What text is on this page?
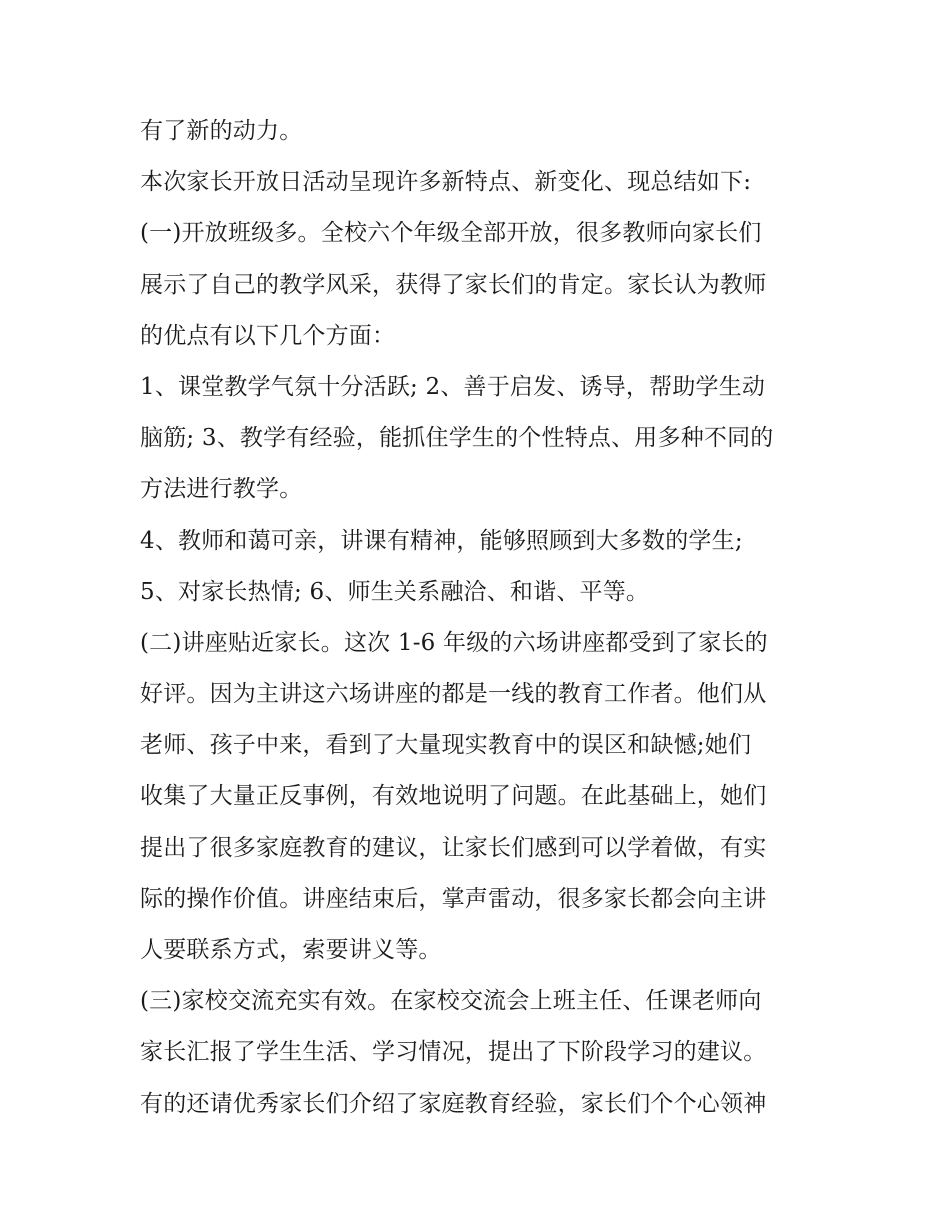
有了新的动力。
本次家长开放日活动呈现许多新特点、新变化、现总结如下:
(一)开放班级多。全校六个年级全部开放，很多教师向家长们
展示了自己的教学风采，获得了家长们的肯定。家长认为教师
的优点有以下几个方面：
1、课堂教学气氛十分活跃; 2、善于启发、诱导，帮助学生动
脑筋; 3、教学有经验，能抓住学生的个性特点、用多种不同的
方法进行教学。
4、教师和蔼可亲，讲课有精神，能够照顾到大多数的学生;
5、对家长热情; 6、师生关系融洽、和谐、平等。
(二)讲座贴近家长。这次 1-6 年级的六场讲座都受到了家长的
好评。因为主讲这六场讲座的都是一线的教育工作者。他们从
老师、孩子中来，看到了大量现实教育中的误区和缺憾;她们
收集了大量正反事例，有效地说明了问题。在此基础上，她们
提出了很多家庭教育的建议，让家长们感到可以学着做，有实
际的操作价值。讲座结束后，掌声雷动，很多家长都会向主讲
人要联系方式，索要讲义等。
(三)家校交流充实有效。在家校交流会上班主任、任课老师向
家长汇报了学生生活、学习情况，提出了下阶段学习的建议。
有的还请优秀家长们介绍了家庭教育经验，家长们个个心领神
